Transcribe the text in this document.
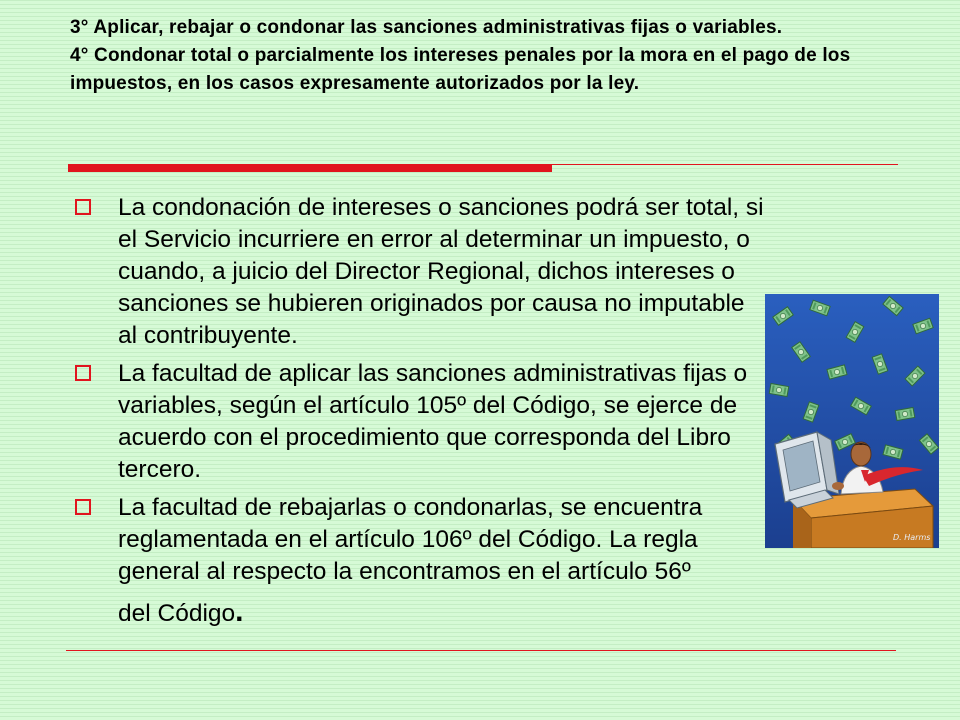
3° Aplicar, rebajar o condonar las sanciones administrativas fijas o variables.

4° Condonar total o parcialmente los intereses penales por la mora en el pago de los impuestos, en los casos expresamente autorizados por la ley.

La condonación de intereses o sanciones podrá ser total, si el Servicio incurriere en error al determinar un impuesto, o cuando, a juicio del Director Regional, dichos intereses o sanciones se hubieren originados por causa no imputable al contribuyente.
La facultad de aplicar las sanciones administrativas fijas o variables, según el artículo 105º del Código, se ejerce de acuerdo con el procedimiento que corresponda del Libro tercero.
La facultad de rebajarlas o condonarlas, se encuentra reglamentada en el artículo 106º del Código. La regla general al respecto la encontramos en el artículo 56º
del Código.
D. Harms
